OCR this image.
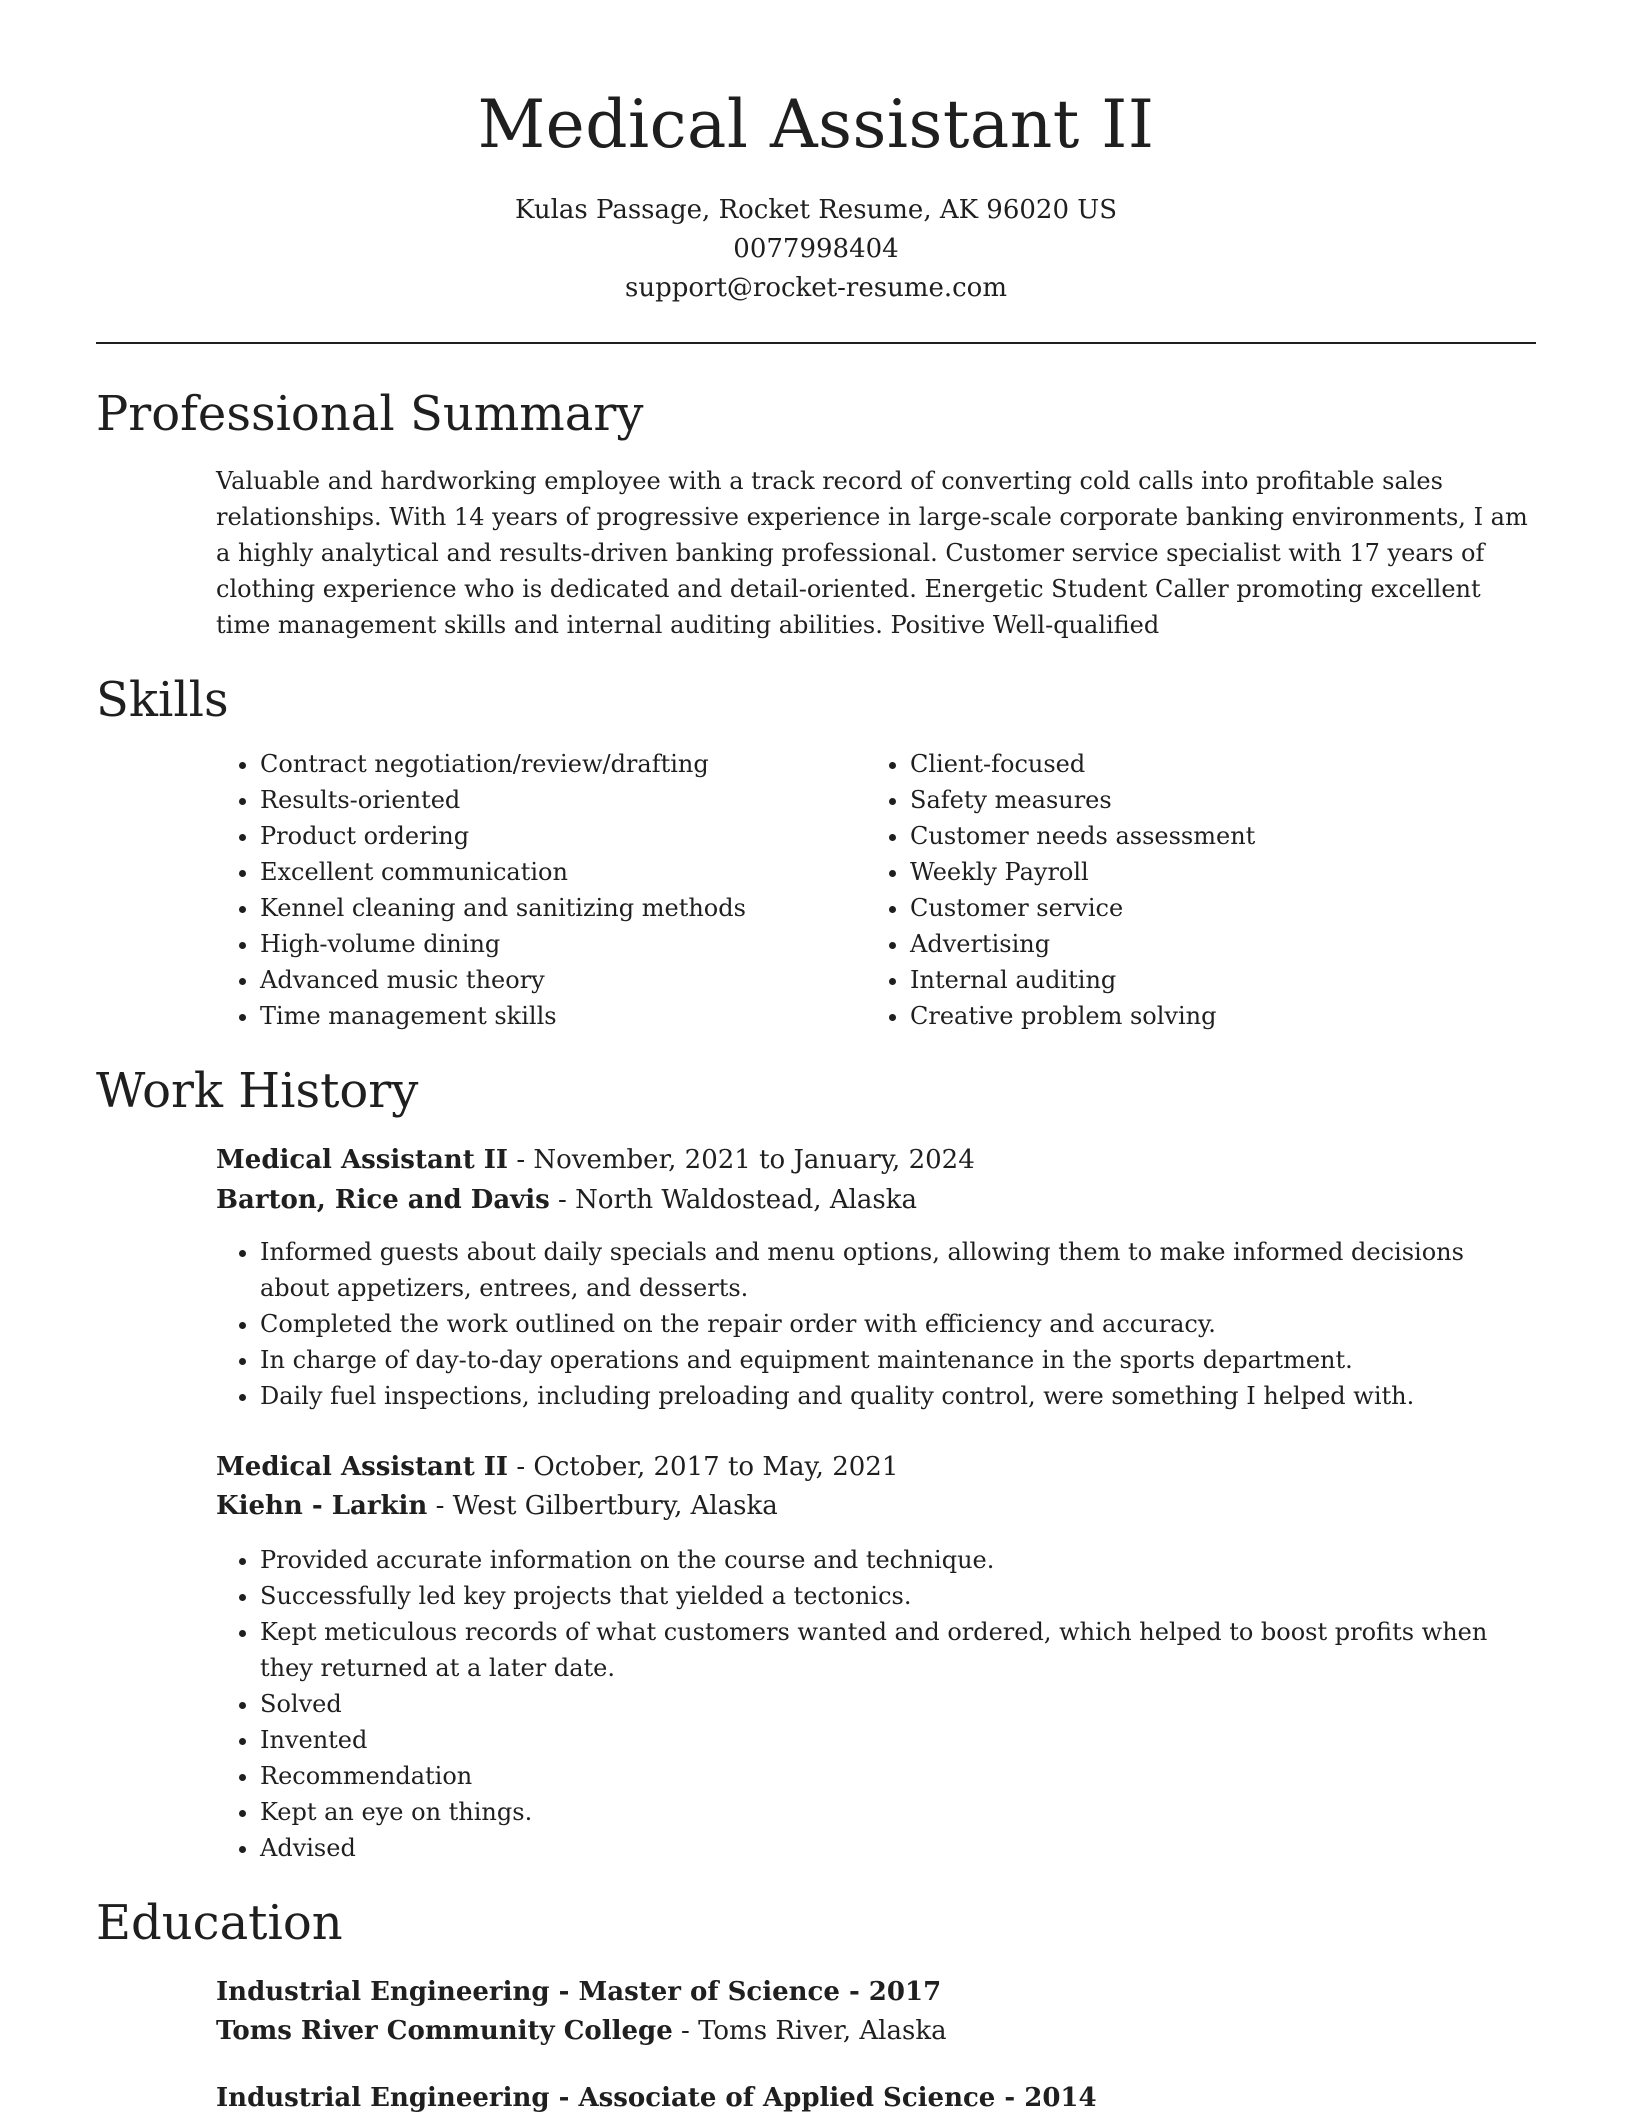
Medical Assistant II

Kulas Passage, Rocket Resume, AK 96020 US

0077998404

support@rocket-resume.com

Professional Summary

Valuable and hardworking employee with a track record of converting cold calls into profitable sales relationships. With 14 years of progressive experience in large-scale corporate banking environments, I am a highly analytical and results-driven banking professional. Customer service specialist with 17 years of clothing experience who is dedicated and detail-oriented. Energetic Student Caller promoting excellent time management skills and internal auditing abilities. Positive Well-qualified

Skills
• Contract negotiation/review/drafting
• Results-oriented
• Product ordering
• Excellent communication
• Kennel cleaning and sanitizing methods
• High-volume dining
• Advanced music theory
• Time management skills
• Client-focused
• Safety measures
• Customer needs assessment
• Weekly Payroll
• Customer service
• Advertising
• Internal auditing
• Creative problem solving
Work History

Medical Assistant II - November, 2021 to January, 2024

Barton, Rice and Davis - North Waldostead, Alaska

• Informed guests about daily specials and menu options, allowing them to make informed decisions about appetizers, entrees, and desserts.
• Completed the work outlined on the repair order with efficiency and accuracy.
• In charge of day-to-day operations and equipment maintenance in the sports department.
• Daily fuel inspections, including preloading and quality control, were something I helped with.

Medical Assistant II - October, 2017 to May, 2021

Kiehn - Larkin - West Gilbertbury, Alaska

• Provided accurate information on the course and technique.
• Successfully led key projects that yielded a tectonics.
• Kept meticulous records of what customers wanted and ordered, which helped to boost profits when they returned at a later date.
• Solved
• Invented
• Recommendation
• Kept an eye on things.
• Advised
Education

Industrial Engineering - Master of Science - 2017

Toms River Community College - Toms River, Alaska

Industrial Engineering - Associate of Applied Science - 2014
